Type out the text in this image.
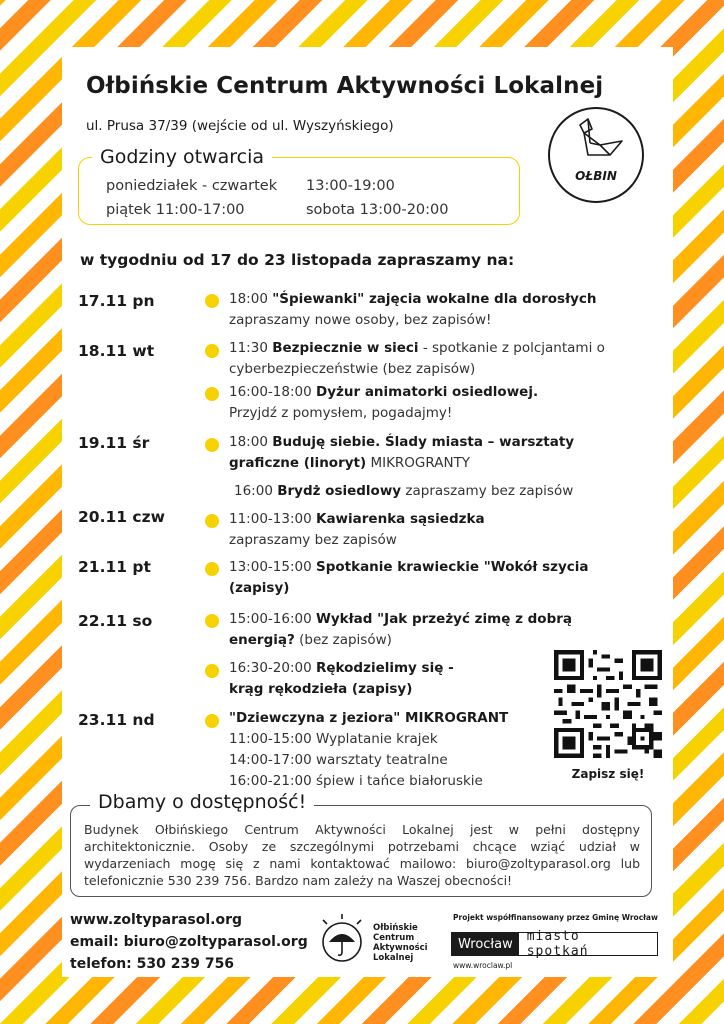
Ołbińskie Centrum Aktywności Lokalnej
ul. Prusa 37/39 (wejście od ul. Wyszyńskiego)
Godziny otwarcia
poniedziałek - czwartek 13:00-19:00
piątek 11:00-17:00	sobota 13:00-20:00
OŁBIN
w tygodniu od 17 do 23 listopada zapraszamy na:
17.11 pn	18:00 "Śpiewanki" zajęcia wokalne dla dorosłych
zapraszamy nowe osoby, bez zapisów!
18.11 wt	11:30 Bezpiecznie w sieci - spotkanie z polcjantami o cyberbezpieczeństwie (bez zapisów)
16:00-18:00 Dyżur animatorki osiedlowej.
Przyjdź z pomysłem, pogadajmy!
19.11 śr	18:00 Buduję siebie. Ślady miasta – warsztaty graficzne (linoryt) MIKROGRANTY
16:00 Brydż osiedlowy zapraszamy bez zapisów
20.11 czw	11:00-13:00 Kawiarenka sąsiedzka
zapraszamy bez zapisów
21.11 pt	13:00-15:00 Spotkanie krawieckie "Wokół szycia (zapisy)
22.11 so	15:00-16:00 Wykład "Jak przeżyć zimę z dobrą energią? (bez zapisów)
16:30-20:00 Rękodzielimy się - krąg rękodzieła (zapisy)
23.11 nd	"Dziewczyna z jeziora" MIKROGRANT
11:00-15:00 Wyplatanie krajek
14:00-17:00 warsztaty teatralne
16:00-21:00 śpiew i tańce białoruskie	Zapisz się!
Dbamy o dostępność!
Budynek Ołbińskiego Centrum Aktywności Lokalnej jest w pełni dostępny architektonicznie. Osoby ze szczególnymi potrzebami chcące wziąć udział w wydarzeniach mogę się z nami kontaktować mailowo: biuro@zoltyparasol.org lub telefonicznie 530 239 756. Bardzo nam zależy na Waszej obecności!
www.zoltyparasol.org
email: biuro@zoltyparasol.org
telefon: 530 239 756
Ołbińskie
Centrum
Aktywności
Lokalnej
Projekt współfinansowany przez Gminę Wrocław
Wrocław	miasto spotkań
www.wroclaw.pl
